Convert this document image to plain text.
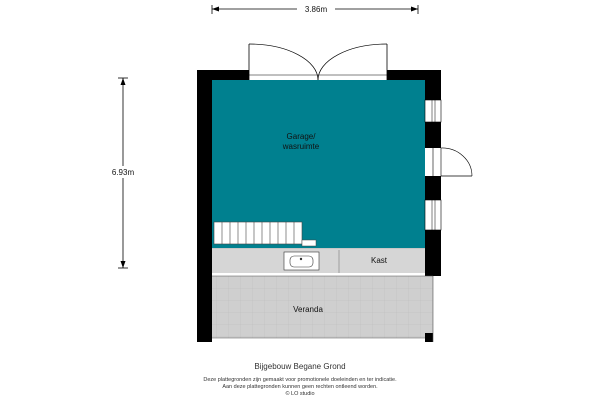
3.86m
6.93m
Veranda
Kast
Garage/
wasruimte
Bijgebouw Begane Grond
Deze plattegronden zijn gemaakt voor promotionele doeleinden en ter indicatie.
Aan deze plattegronden kunnen geen rechten ontleend worden.
© LO studio
